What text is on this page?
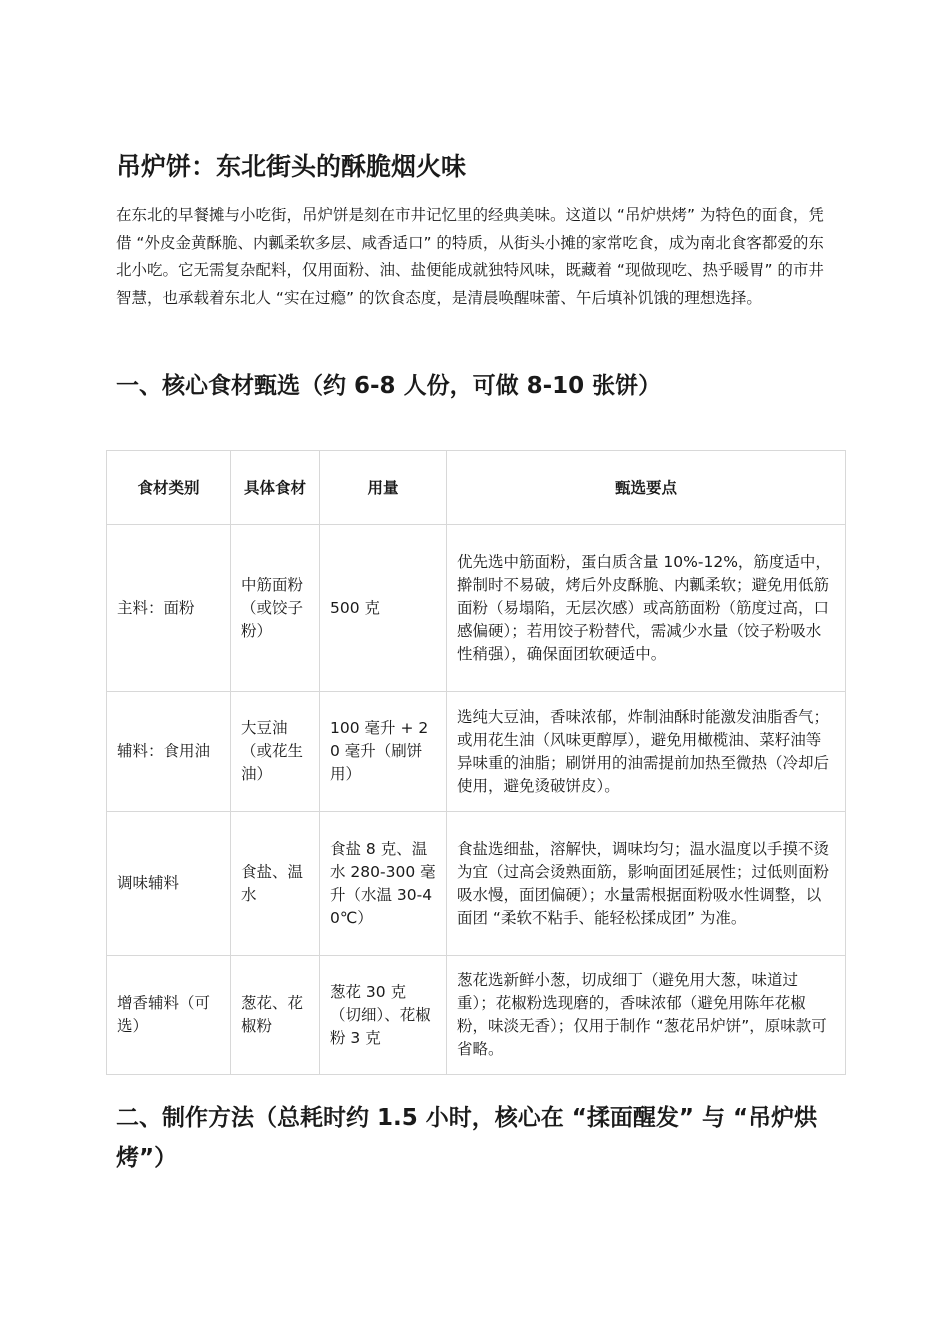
吊炉饼：东北街头的酥脆烟火味

在东北的早餐摊与小吃街，吊炉饼是刻在市井记忆里的经典美味。这道以 “吊炉烘烤” 为特色的面食，凭借 “外皮金黄酥脆、内瓤柔软多层、咸香适口” 的特质，从街头小摊的家常吃食，成为南北食客都爱的东北小吃。它无需复杂配料，仅用面粉、油、盐便能成就独特风味，既藏着 “现做现吃、热乎暖胃” 的市井智慧，也承载着东北人 “实在过瘾” 的饮食态度，是清晨唤醒味蕾、午后填补饥饿的理想选择。

一、核心食材甄选（约 6-8 人份，可做 8-10 张饼）
食材类别	具体食材	用量	甄选要点
主料：面粉	中筋面粉（或饺子粉）	500 克	优先选中筋面粉，蛋白质含量 10%-12%，筋度适中，擀制时不易破，烤后外皮酥脆、内瓤柔软；避免用低筋面粉（易塌陷，无层次感）或高筋面粉（筋度过高，口感偏硬）；若用饺子粉替代，需减少水量（饺子粉吸水性稍强），确保面团软硬适中。
辅料：食用油	大豆油（或花生油）	100 毫升 + 20 毫升（刷饼用）	选纯大豆油，香味浓郁，炸制油酥时能激发油脂香气；或用花生油（风味更醇厚），避免用橄榄油、菜籽油等异味重的油脂；刷饼用的油需提前加热至微热（冷却后使用，避免烫破饼皮）。
调味辅料	食盐、温水	食盐 8 克、温水 280-300 毫升（水温 30-40℃）	食盐选细盐，溶解快，调味均匀；温水温度以手摸不烫为宜（过高会烫熟面筋，影响面团延展性；过低则面粉吸水慢，面团偏硬）；水量需根据面粉吸水性调整，以面团 “柔软不粘手、能轻松揉成团” 为准。
增香辅料（可选）	葱花、花椒粉	葱花 30 克（切细）、花椒粉 3 克	葱花选新鲜小葱，切成细丁（避免用大葱，味道过重）；花椒粉选现磨的，香味浓郁（避免用陈年花椒粉，味淡无香）；仅用于制作 “葱花吊炉饼”，原味款可省略。
二、制作方法（总耗时约 1.5 小时，核心在 “揉面醒发” 与 “吊炉烘烤”）
